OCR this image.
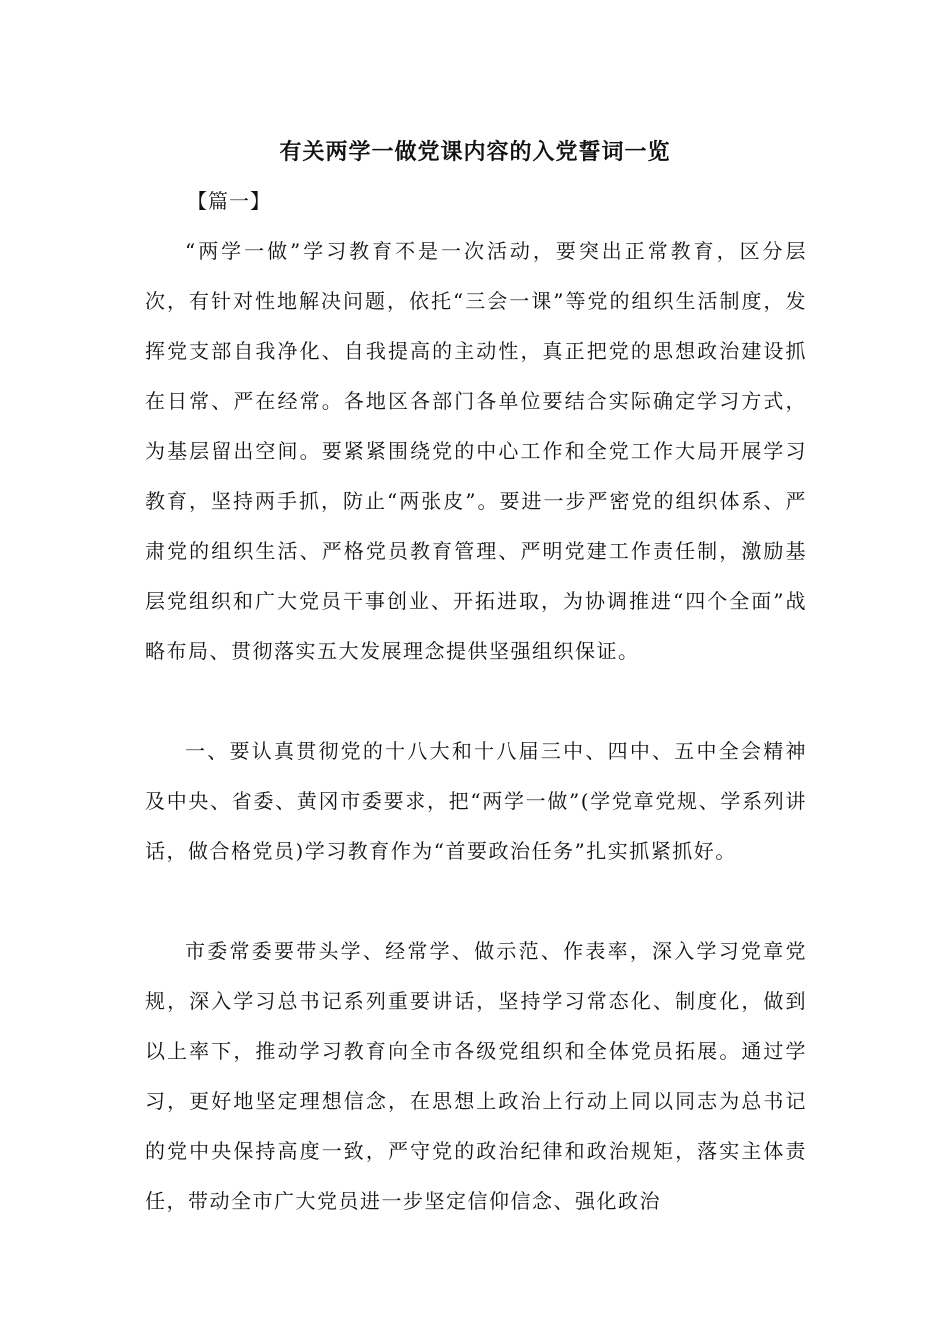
有关两学一做党课内容的入党誓词一览
【篇一】

“两学一做”学习教育不是一次活动，要突出正常教育，区分层次，有针对性地解决问题，依托“三会一课”等党的组织生活制度，发挥党支部自我净化、自我提高的主动性，真正把党的思想政治建设抓在日常、严在经常。各地区各部门各单位要结合实际确定学习方式，为基层留出空间。要紧紧围绕党的中心工作和全党工作大局开展学习教育，坚持两手抓，防止“两张皮”。要进一步严密党的组织体系、严肃党的组织生活、严格党员教育管理、严明党建工作责任制，激励基层党组织和广大党员干事创业、开拓进取，为协调推进“四个全面”战略布局、贯彻落实五大发展理念提供坚强组织保证。

一、要认真贯彻党的十八大和十八届三中、四中、五中全会精神及中央、省委、黄冈市委要求，把“两学一做”(学党章党规、学系列讲话，做合格党员)学习教育作为“首要政治任务”扎实抓紧抓好。

市委常委要带头学、经常学、做示范、作表率，深入学习党章党规，深入学习总书记系列重要讲话，坚持学习常态化、制度化，做到以上率下，推动学习教育向全市各级党组织和全体党员拓展。通过学习，更好地坚定理想信念，在思想上政治上行动上同以同志为总书记的党中央保持高度一致，严守党的政治纪律和政治规矩，落实主体责任，带动全市广大党员进一步坚定信仰信念、强化政治
